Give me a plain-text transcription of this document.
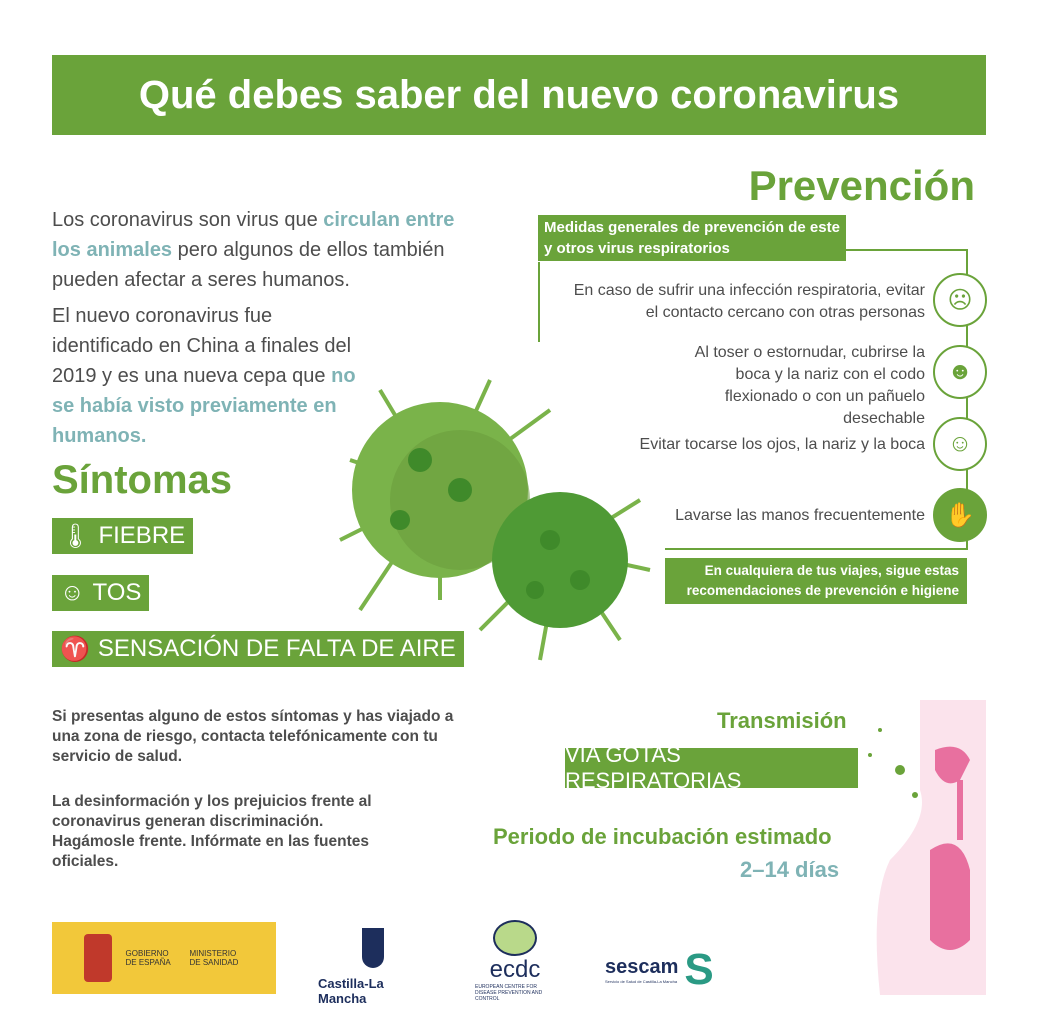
Qué debes saber del nuevo coronavirus

Los coronavirus son virus que circulan entre los animales pero algunos de ellos también pueden afectar a seres humanos.

El nuevo coronavirus fue identificado en China a finales del 2019 y es una nueva cepa que no se había visto previamente en humanos.

Síntomas
🌡 FIEBRE
☺ TOS
♈ SENSACIÓN DE FALTA DE AIRE
Si presentas alguno de estos síntomas y has viajado a una zona de riesgo, contacta telefónicamente con tu servicio de salud.
La desinformación y los prejuicios frente al coronavirus generan discriminación. Hagámosle frente. Infórmate en las fuentes oficiales.
Prevención
Medidas generales de prevención de este y otros virus respiratorios
En caso de sufrir una infección respiratoria, evitar el contacto cercano con otras personas
Al toser o estornudar, cubrirse la boca y la nariz con el codo flexionado o con un pañuelo desechable
Evitar tocarse los ojos, la nariz y la boca
Lavarse las manos frecuentemente
☹
☻
☺
✋
En cualquiera de tus viajes, sigue estas recomendaciones de prevención e higiene
Transmisión
VÍA GOTAS RESPIRATORIAS
Periodo de incubación estimado
2–14 días
GOBIERNO DE ESPAÑA
MINISTERIO DE SANIDAD
Castilla-La Mancha
ecdc
EUROPEAN CENTRE FOR DISEASE PREVENTION AND CONTROL
sescam
Servicio de Salud de Castilla-La Mancha S
